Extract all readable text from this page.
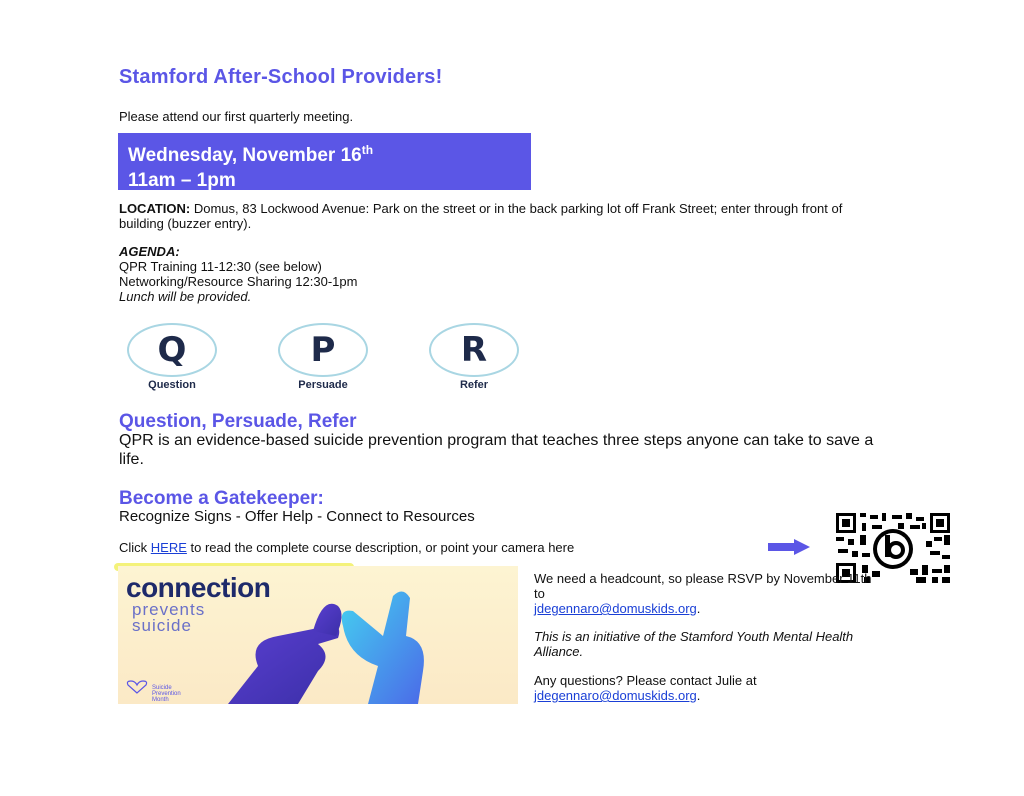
Stamford After-School Providers!
Please attend our first quarterly meeting.
Wednesday, November 16th
11am – 1pm
LOCATION: Domus, 83 Lockwood Avenue: Park on the street or in the back parking lot off Frank Street; enter through front of building (buzzer entry).
AGENDA:
QPR Training 11-12:30 (see below)
Networking/Resource Sharing 12:30-1pm
Lunch will be provided.
Q
Question
P
Persuade
R
Refer
Question, Persuade, Refer
QPR is an evidence-based suicide prevention program that teaches three steps anyone can take to save a life.
Become a Gatekeeper:
Recognize Signs - Offer Help - Connect to Resources
Click HERE to read the complete course description, or point your camera here
connection
prevents
suicide
Suicide
Prevention
Month
We need a headcount, so please RSVP by November 11th to
jdegennaro@domuskids.org.
This is an initiative of the Stamford Youth Mental Health Alliance.
Any questions? Please contact Julie at
jdegennaro@domuskids.org.
